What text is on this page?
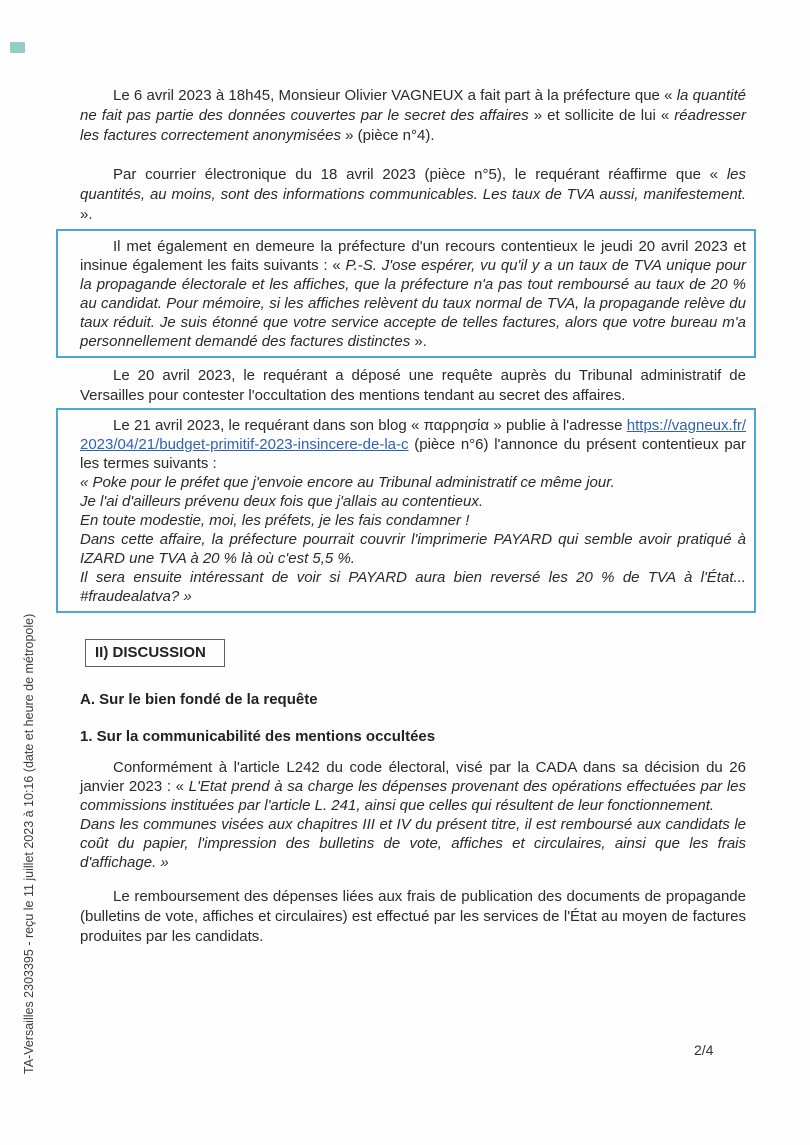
Le 6 avril 2023 à 18h45, Monsieur Olivier VAGNEUX a fait part à la préfecture que « la quantité ne fait pas partie des données couvertes par le secret des affaires » et sollicite de lui « réadresser les factures correctement anonymisées » (pièce n°4).

Par courrier électronique du 18 avril 2023 (pièce n°5), le requérant réaffirme que « les quantités, au moins, sont des informations communicables. Les taux de TVA aussi, manifestement. ».

Il met également en demeure la préfecture d'un recours contentieux le jeudi 20 avril 2023 et insinue également les faits suivants : « P.-S. J'ose espérer, vu qu'il y a un taux de TVA unique pour la propagande électorale et les affiches, que la préfecture n'a pas tout remboursé au taux de 20 % au candidat. Pour mémoire, si les affiches relèvent du taux normal de TVA, la propagande relève du taux réduit. Je suis étonné que votre service accepte de telles factures, alors que votre bureau m'a personnellement demandé des factures distinctes ».

Le 20 avril 2023, le requérant a déposé une requête auprès du Tribunal administratif de Versailles pour contester l'occultation des mentions tendant au secret des affaires.

Le 21 avril 2023, le requérant dans son blog « παρρησία » publie à l'adresse https://vagneux.fr/2023/04/21/budget-primitif-2023-insincere-de-la-c (pièce n°6) l'annonce du présent contentieux par les termes suivants :
« Poke pour le préfet que j'envoie encore au Tribunal administratif ce même jour.
Je l'ai d'ailleurs prévenu deux fois que j'allais au contentieux.
En toute modestie, moi, les préfets, je les fais condamner !
Dans cette affaire, la préfecture pourrait couvrir l'imprimerie PAYARD qui semble avoir pratiqué à IZARD une TVA à 20 % là où c'est 5,5 %.
Il sera ensuite intéressant de voir si PAYARD aura bien reversé les 20 % de TVA à l'État... #fraudealatva? »

II) DISCUSSION

A. Sur le bien fondé de la requête

1. Sur la communicabilité des mentions occultées

Conformément à l'article L242 du code électoral, visé par la CADA dans sa décision du 26 janvier 2023 : « L'Etat prend à sa charge les dépenses provenant des opérations effectuées par les commissions instituées par l'article L. 241, ainsi que celles qui résultent de leur fonctionnement.
Dans les communes visées aux chapitres III et IV du présent titre, il est remboursé aux candidats le coût du papier, l'impression des bulletins de vote, affiches et circulaires, ainsi que les frais d'affichage. »

Le remboursement des dépenses liées aux frais de publication des documents de propagande (bulletins de vote, affiches et circulaires) est effectué par les services de l'État au moyen de factures produites par les candidats.

TA-Versailles 2303395 - reçu le 11 juillet 2023 à 10:16 (date et heure de métropole)	2/4
